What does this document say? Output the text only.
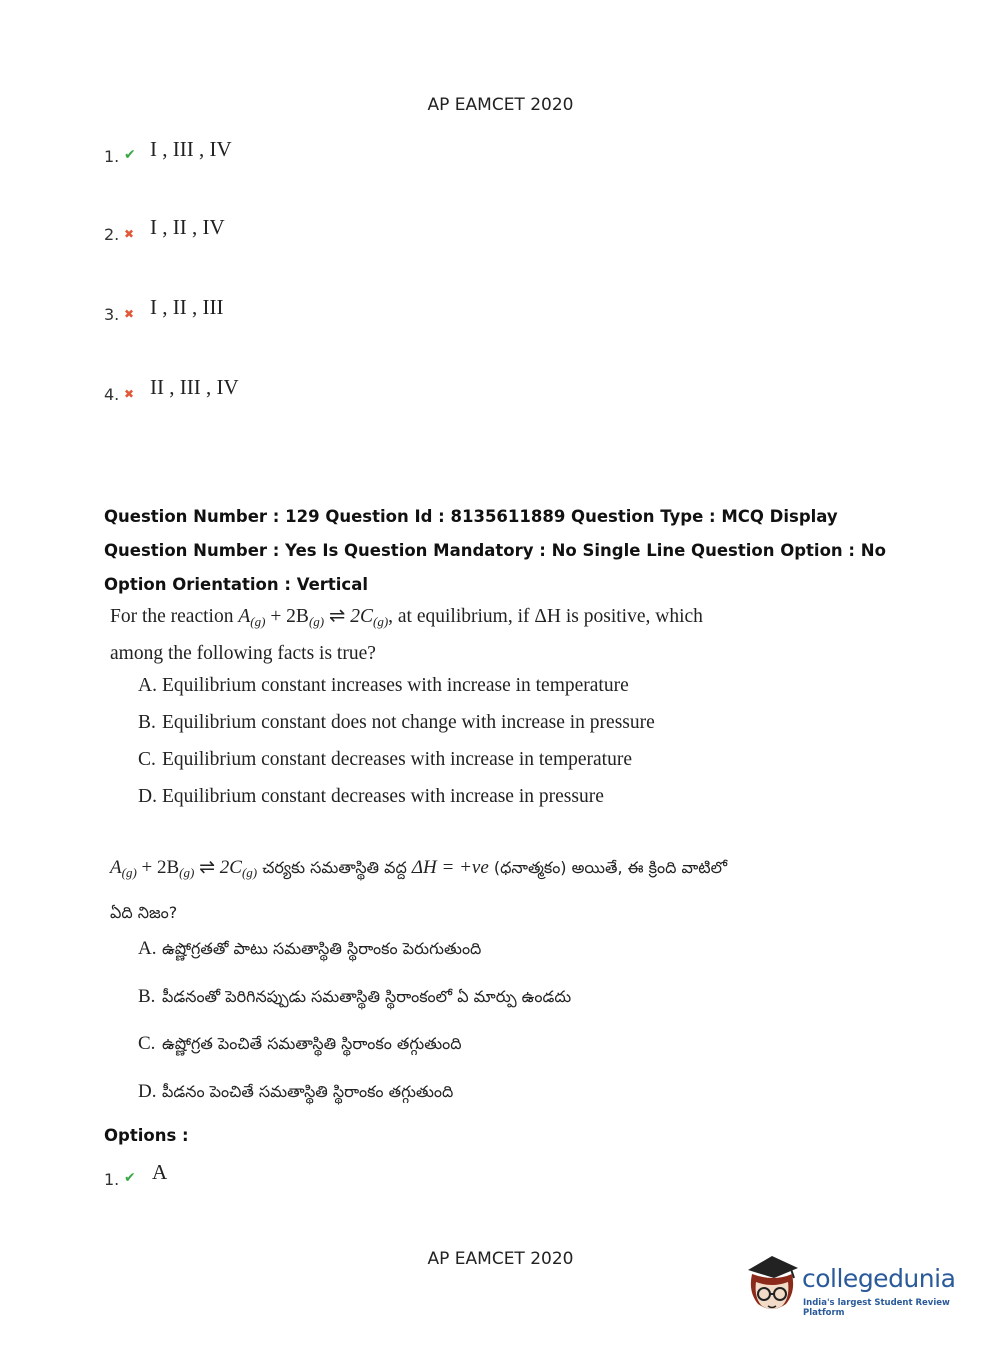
AP EAMCET 2020
1. ✔ I , III , IV
2. ✖ I , II , IV
3. ✖ I , II , III
4. ✖ II , III , IV
Question Number : 129 Question Id : 8135611889 Question Type : MCQ Display Question Number : Yes Is Question Mandatory : No Single Line Question Option : No Option Orientation : Vertical
For the reaction $A_{(g)} + 2B_{(g)}$ ⇌ $2C_{(g)}$, at equilibrium, if ΔH is positive, which among the following facts is true?
A. Equilibrium constant increases with increase in temperature
B. Equilibrium constant does not change with increase in pressure
C. Equilibrium constant decreases with increase in temperature
D. Equilibrium constant decreases with increase in pressure
$A_{(g)} + 2B_{(g)}$ ⇌ $2C_{(g)}$ చర్యకు సమతాస్థితి వద్ద ΔH = +ve (ధనాత్మకం) అయితే, ఈ క్రింది వాటిలో ఏది నిజం?
A. ఉష్ణోగ్రతతో పాటు సమతాస్థితి స్థిరాంకం పెరుగుతుంది
B. పీడనంతో పెరిగినప్పుడు సమతాస్థితి స్థిరాంకంలో ఏ మార్పు ఉండదు
C. ఉష్ణోగ్రత పెంచితే సమతాస్థితి స్థిరాంకం తగ్గుతుంది
D. పీడనం పెంచితే సమతాస్థితి స్థిరాంకం తగ్గుతుంది
Options :
1. ✔ A
AP EAMCET 2020
collegedunia
India's largest Student Review Platform
